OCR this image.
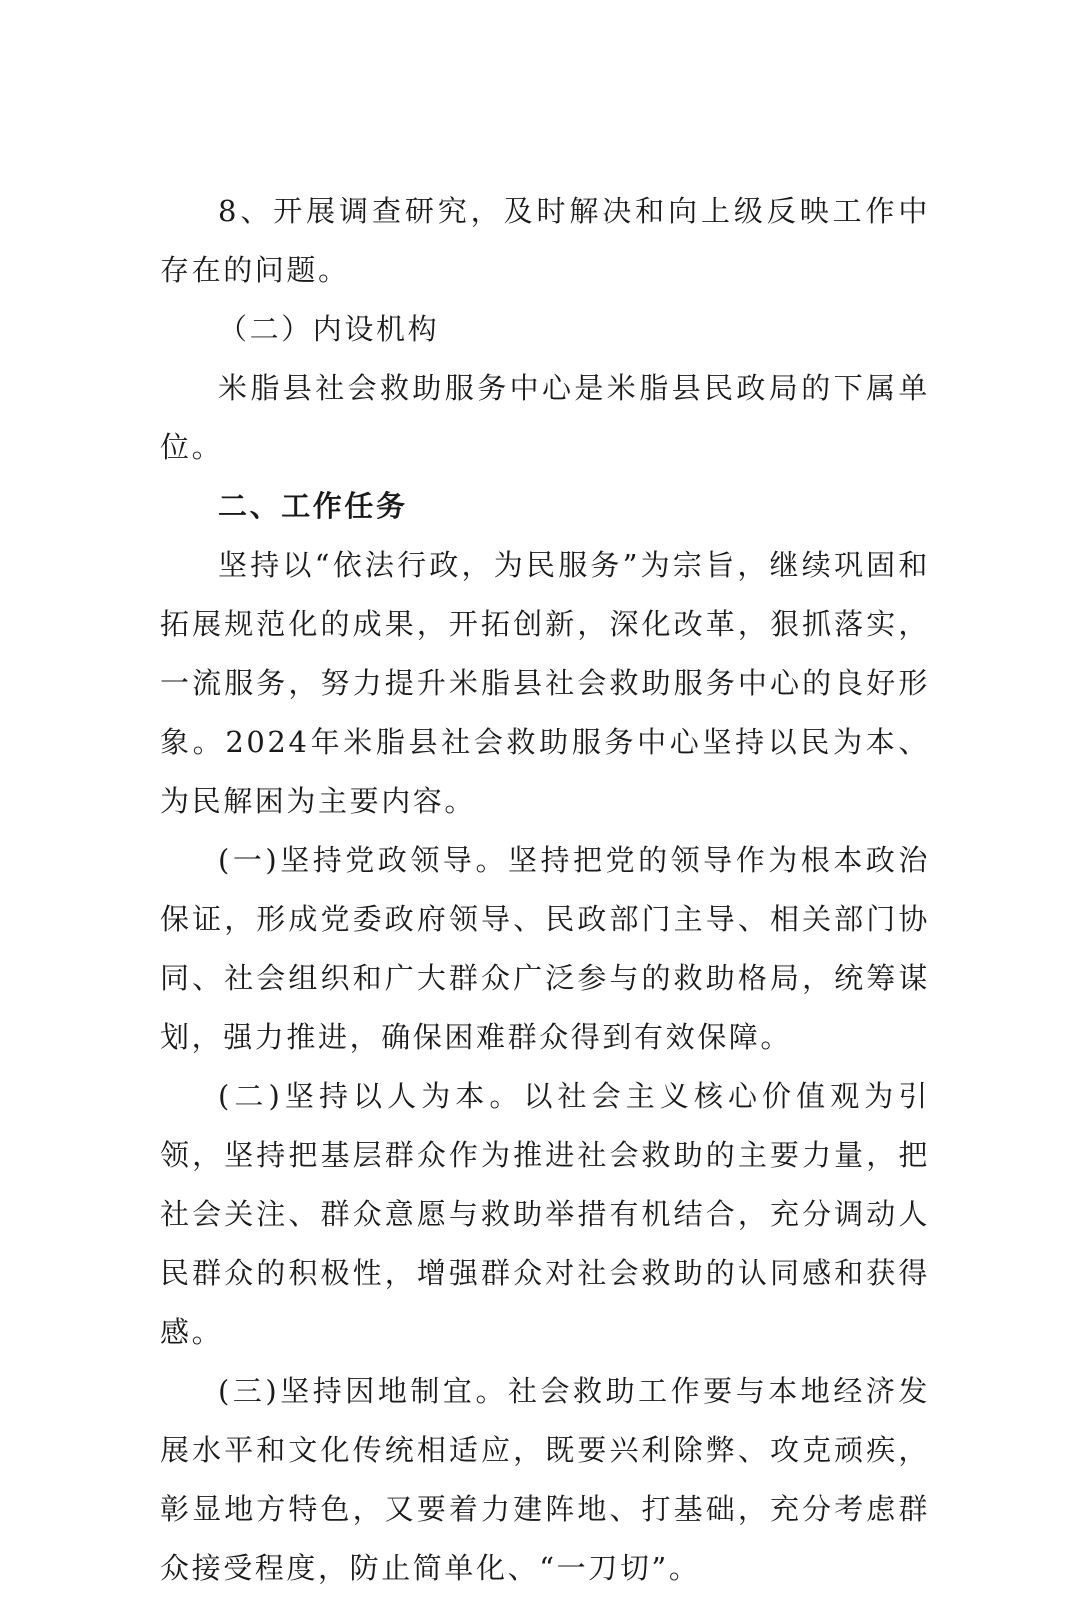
8、开展调查研究，及时解决和向上级反映工作中存在的问题。

（二）内设机构

米脂县社会救助服务中心是米脂县民政局的下属单位。

二、工作任务

坚持以“依法行政，为民服务”为宗旨，继续巩固和拓展规范化的成果，开拓创新，深化改革，狠抓落实，一流服务，努力提升米脂县社会救助服务中心的良好形象。2024年米脂县社会救助服务中心坚持以民为本、为民解困为主要内容。

(一)坚持党政领导。坚持把党的领导作为根本政治保证，形成党委政府领导、民政部门主导、相关部门协同、社会组织和广大群众广泛参与的救助格局，统筹谋划，强力推进，确保困难群众得到有效保障。

(二)坚持以人为本。以社会主义核心价值观为引领，坚持把基层群众作为推进社会救助的主要力量，把社会关注、群众意愿与救助举措有机结合，充分调动人民群众的积极性，增强群众对社会救助的认同感和获得感。

(三)坚持因地制宜。社会救助工作要与本地经济发展水平和文化传统相适应，既要兴利除弊、攻克顽疾，彰显地方特色，又要着力建阵地、打基础，充分考虑群众接受程度，防止简单化、“一刀切”。
